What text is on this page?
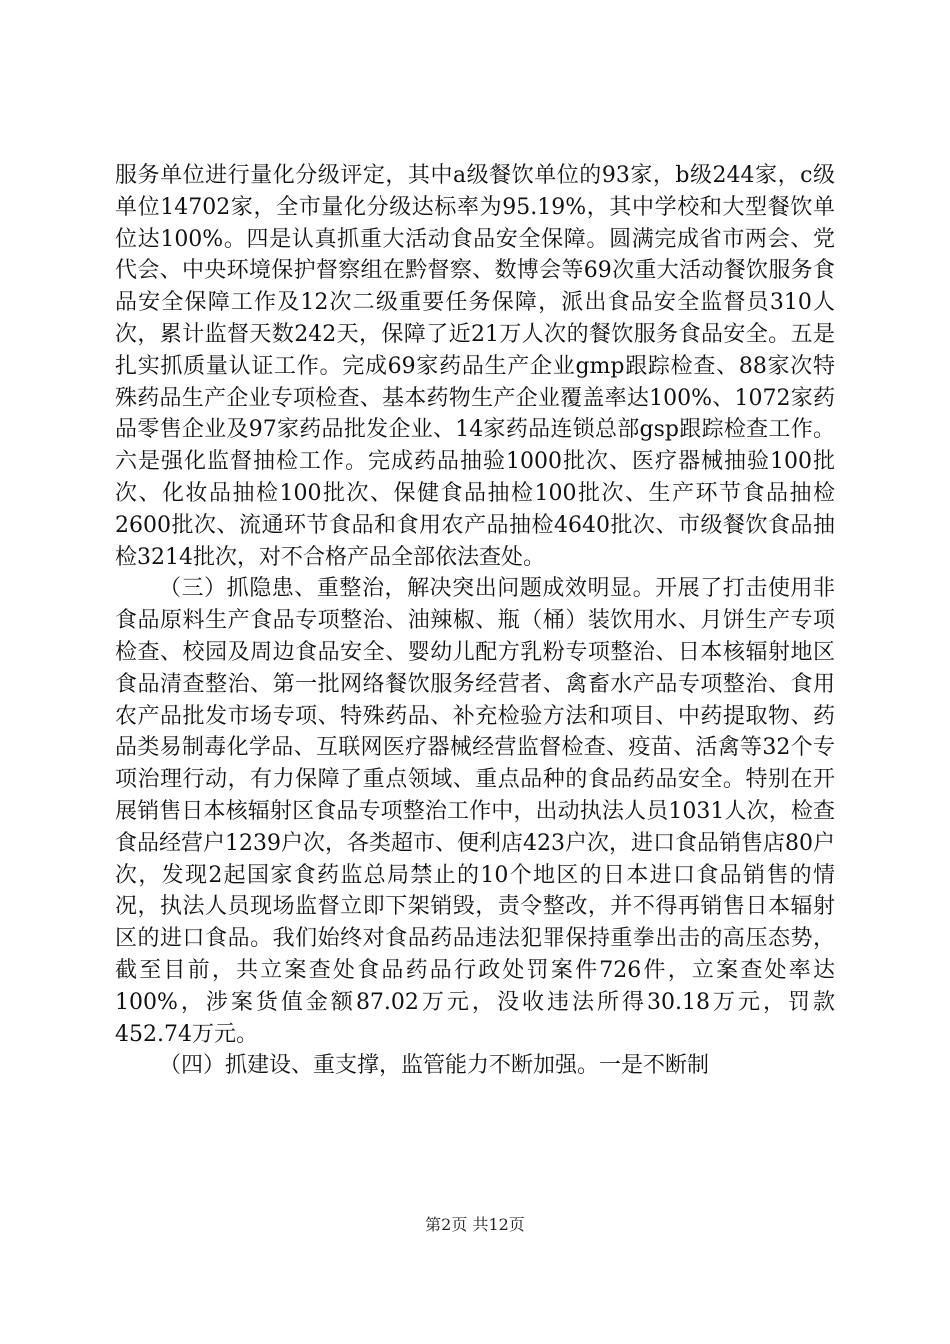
服务单位进行量化分级评定，其中a级餐饮单位的93家，b级244家，c级单位14702家，全市量化分级达标率为95.19%，其中学校和大型餐饮单位达100%。四是认真抓重大活动食品安全保障。圆满完成省市两会、党代会、中央环境保护督察组在黔督察、数博会等69次重大活动餐饮服务食品安全保障工作及12次二级重要任务保障，派出食品安全监督员310人次，累计监督天数242天，保障了近21万人次的餐饮服务食品安全。五是扎实抓质量认证工作。完成69家药品生产企业gmp跟踪检查、88家次特殊药品生产企业专项检查、基本药物生产企业覆盖率达100%、1072家药品零售企业及97家药品批发企业、14家药品连锁总部gsp跟踪检查工作。六是强化监督抽检工作。完成药品抽验1000批次、医疗器械抽验100批次、化妆品抽检100批次、保健食品抽检100批次、生产环节食品抽检2600批次、流通环节食品和食用农产品抽检4640批次、市级餐饮食品抽检3214批次，对不合格产品全部依法查处。

（三）抓隐患、重整治，解决突出问题成效明显。开展了打击使用非食品原料生产食品专项整治、油辣椒、瓶（桶）装饮用水、月饼生产专项检查、校园及周边食品安全、婴幼儿配方乳粉专项整治、日本核辐射地区食品清查整治、第一批网络餐饮服务经营者、禽畜水产品专项整治、食用农产品批发市场专项、特殊药品、补充检验方法和项目、中药提取物、药品类易制毒化学品、互联网医疗器械经营监督检查、疫苗、活禽等32个专项治理行动，有力保障了重点领域、重点品种的食品药品安全。特别在开展销售日本核辐射区食品专项整治工作中，出动执法人员1031人次，检查食品经营户1239户次，各类超市、便利店423户次，进口食品销售店80户次，发现2起国家食药监总局禁止的10个地区的日本进口食品销售的情况，执法人员现场监督立即下架销毁，责令整改，并不得再销售日本辐射区的进口食品。我们始终对食品药品违法犯罪保持重拳出击的高压态势，截至目前，共立案查处食品药品行政处罚案件726件，立案查处率达100%，涉案货值金额87.02万元，没收违法所得30.18万元，罚款452.74万元。

（四）抓建设、重支撑，监管能力不断加强。一是不断制

第2页 共12页
